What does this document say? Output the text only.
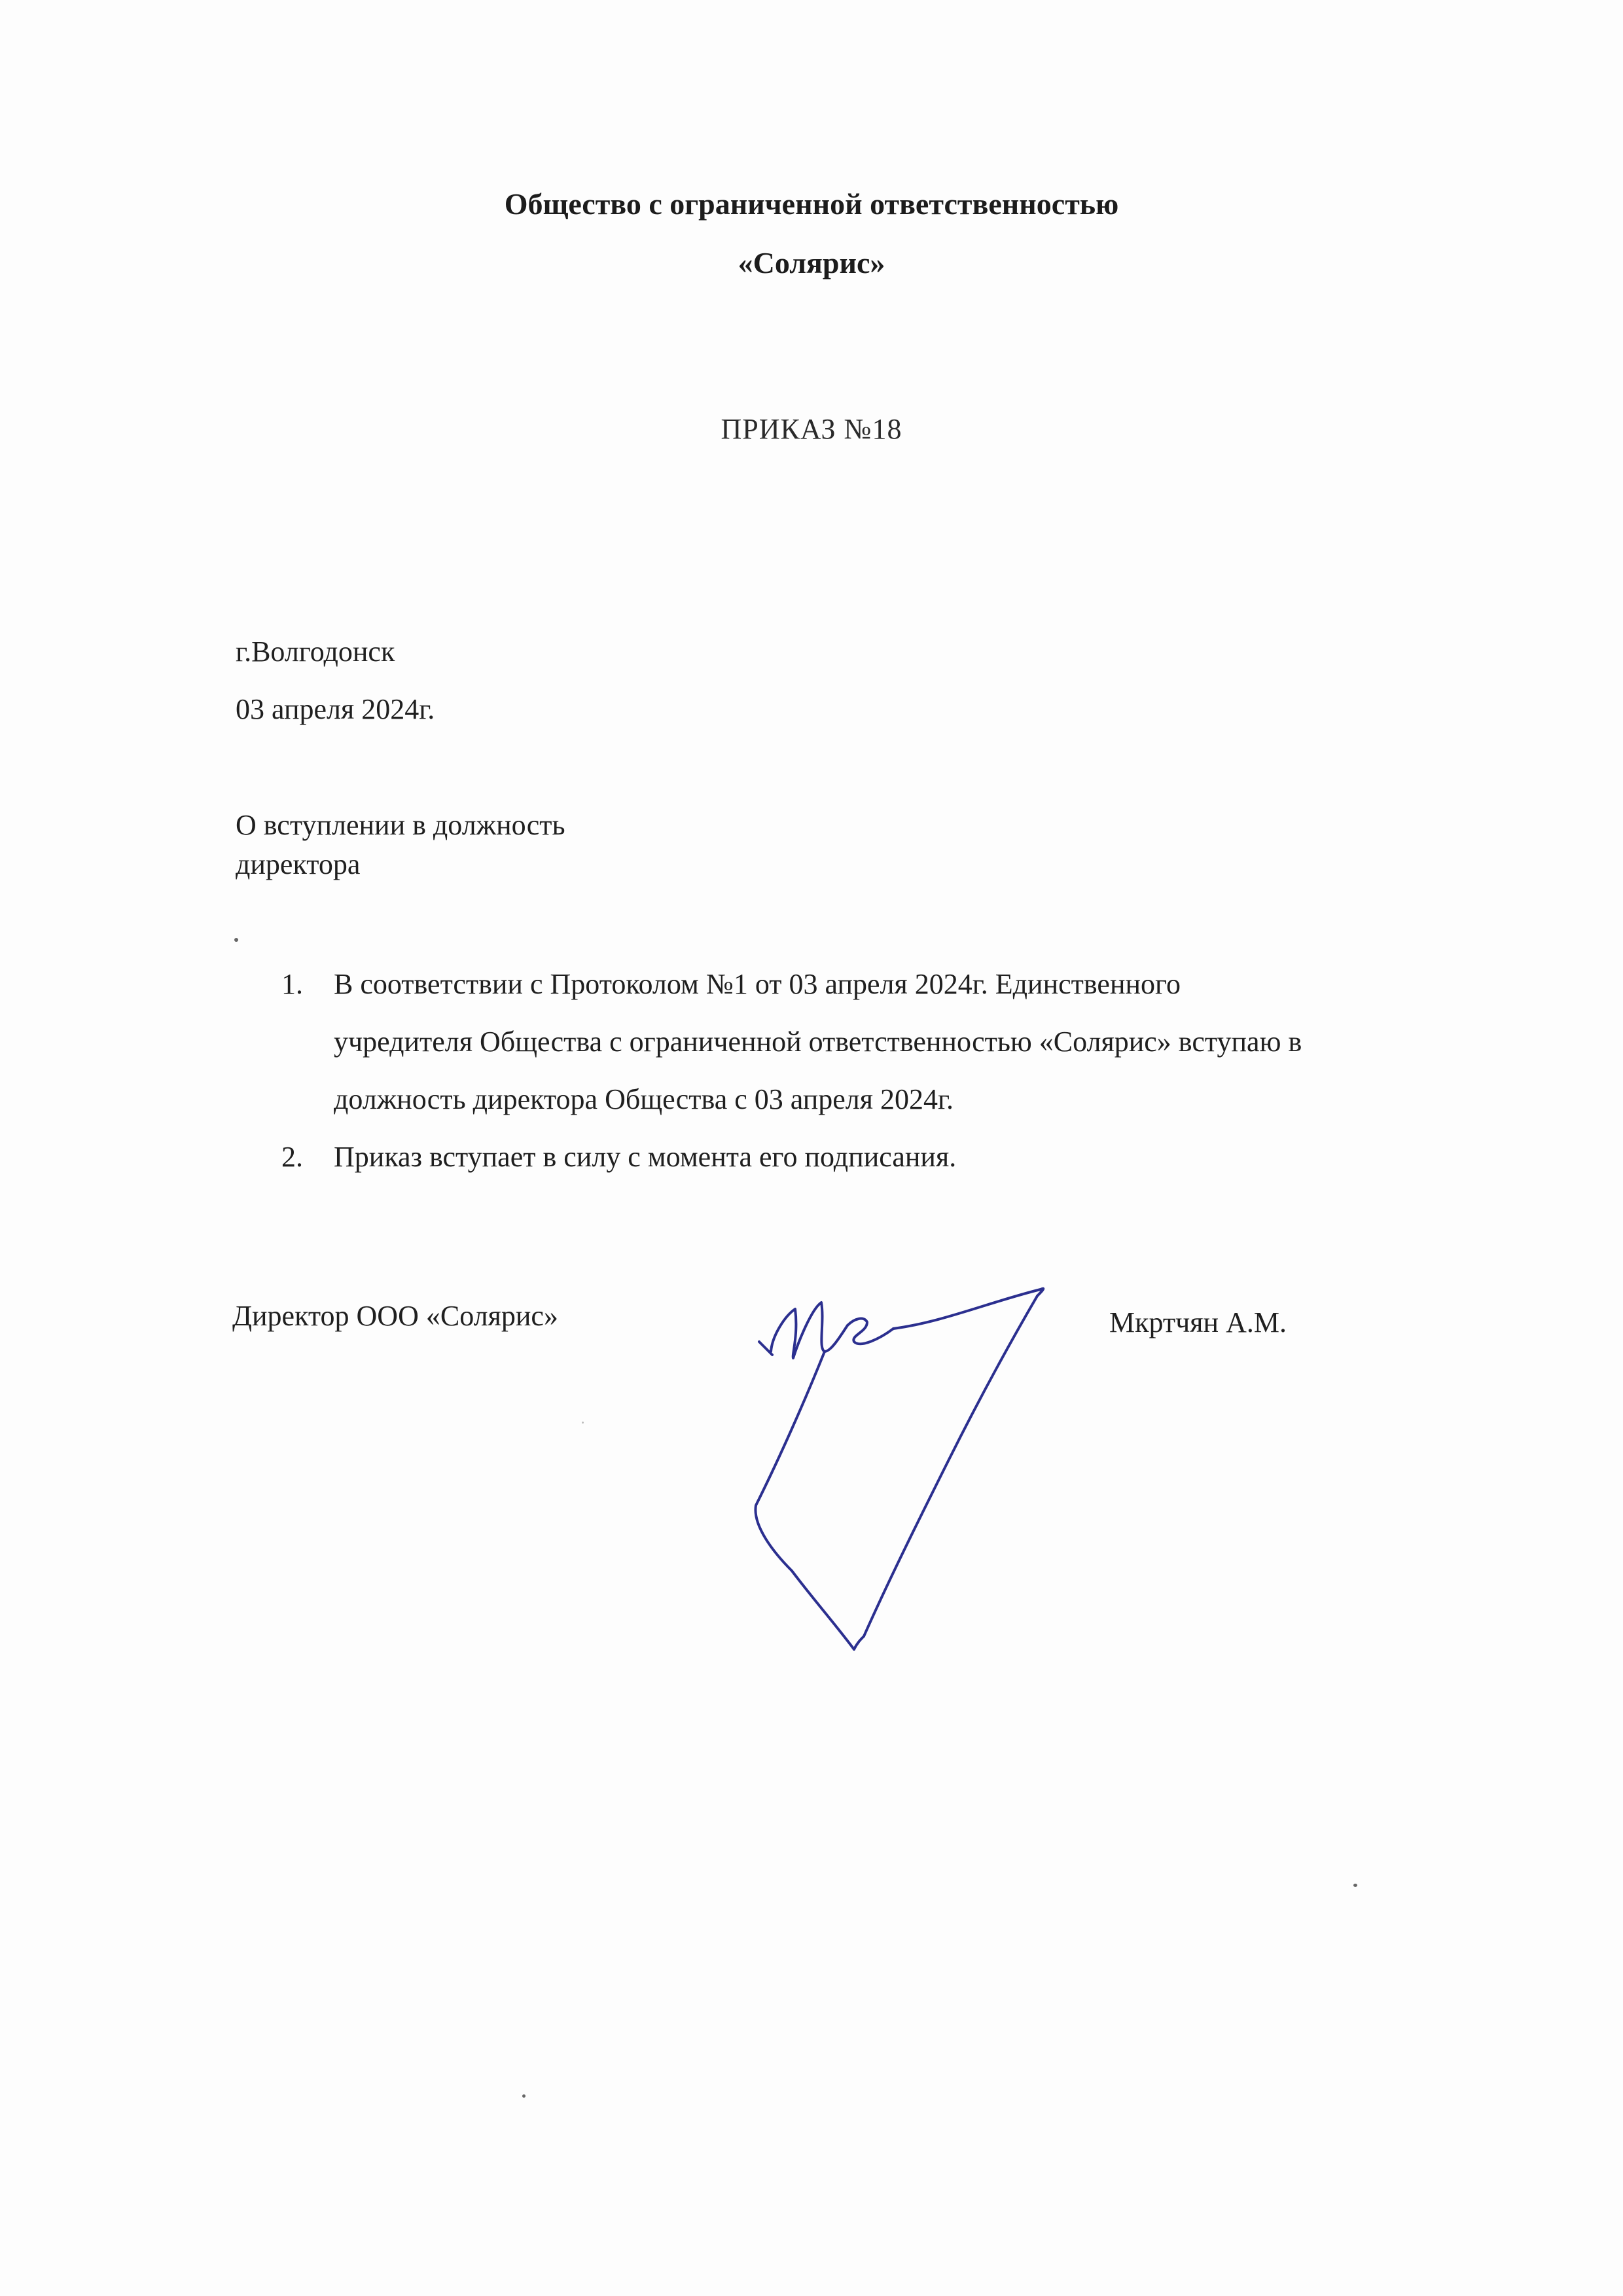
Общество с ограниченной ответственностью
«Солярис»
ПРИКАЗ №18
г.Волгодонск
03 апреля 2024г.
О вступлении в должность
директора
1.	В соответствии с Протоколом №1 от 03 апреля 2024г. Единственного
учредителя Общества с ограниченной ответственностью «Солярис» вступаю в
должность директора Общества с 03 апреля 2024г.
2.	Приказ вступает в силу с момента его подписания.
Директор ООО «Солярис»	Мкртчян А.М.
